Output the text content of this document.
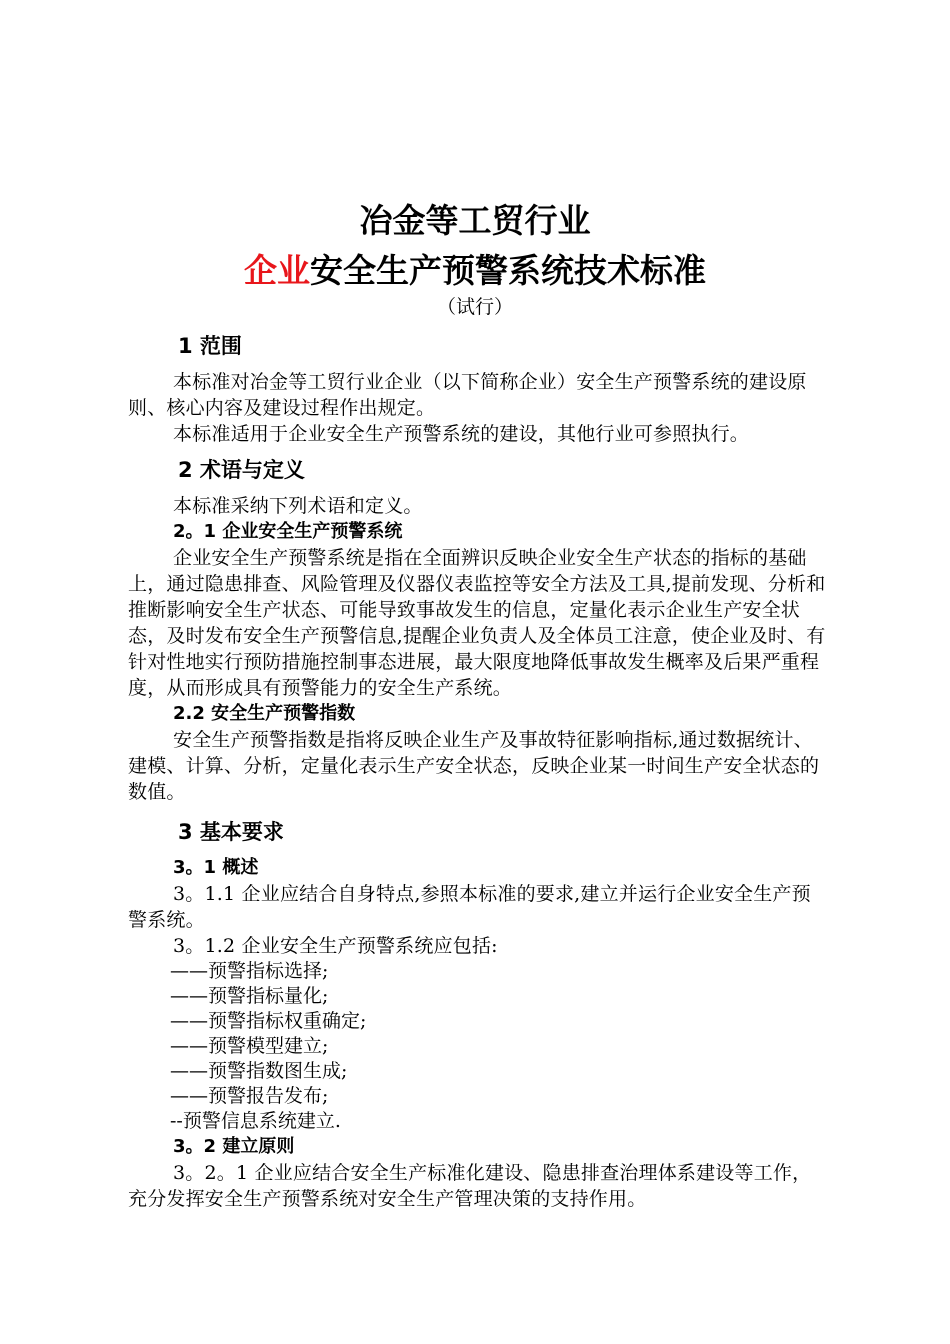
冶金等工贸行业
企业安全生产预警系统技术标准
（试行）
1 范围

本标准对冶金等工贸行业企业（以下简称企业）安全生产预警系统的建设原则、核心内容及建设过程作出规定。

本标准适用于企业安全生产预警系统的建设，其他行业可参照执行。

2 术语与定义

本标准采纳下列术语和定义。

2。1 企业安全生产预警系统

企业安全生产预警系统是指在全面辨识反映企业安全生产状态的指标的基础上，通过隐患排查、风险管理及仪器仪表监控等安全方法及工具,提前发现、分析和推断影响安全生产状态、可能导致事故发生的信息，定量化表示企业生产安全状态，及时发布安全生产预警信息,提醒企业负责人及全体员工注意，使企业及时、有针对性地实行预防措施控制事态进展，最大限度地降低事故发生概率及后果严重程度，从而形成具有预警能力的安全生产系统。

2.2 安全生产预警指数

安全生产预警指数是指将反映企业生产及事故特征影响指标,通过数据统计、建模、计算、分析，定量化表示生产安全状态，反映企业某一时间生产安全状态的数值。

3 基本要求
3。1 概述

3。1.1 企业应结合自身特点,参照本标准的要求,建立并运行企业安全生产预警系统。

3。1.2 企业安全生产预警系统应包括:

——预警指标选择;
——预警指标量化;
——预警指标权重确定;
——预警模型建立;
——预警指数图生成;
——预警报告发布;
--预警信息系统建立.
3。2 建立原则

3。2。1 企业应结合安全生产标准化建设、隐患排查治理体系建设等工作，充分发挥安全生产预警系统对安全生产管理决策的支持作用。
